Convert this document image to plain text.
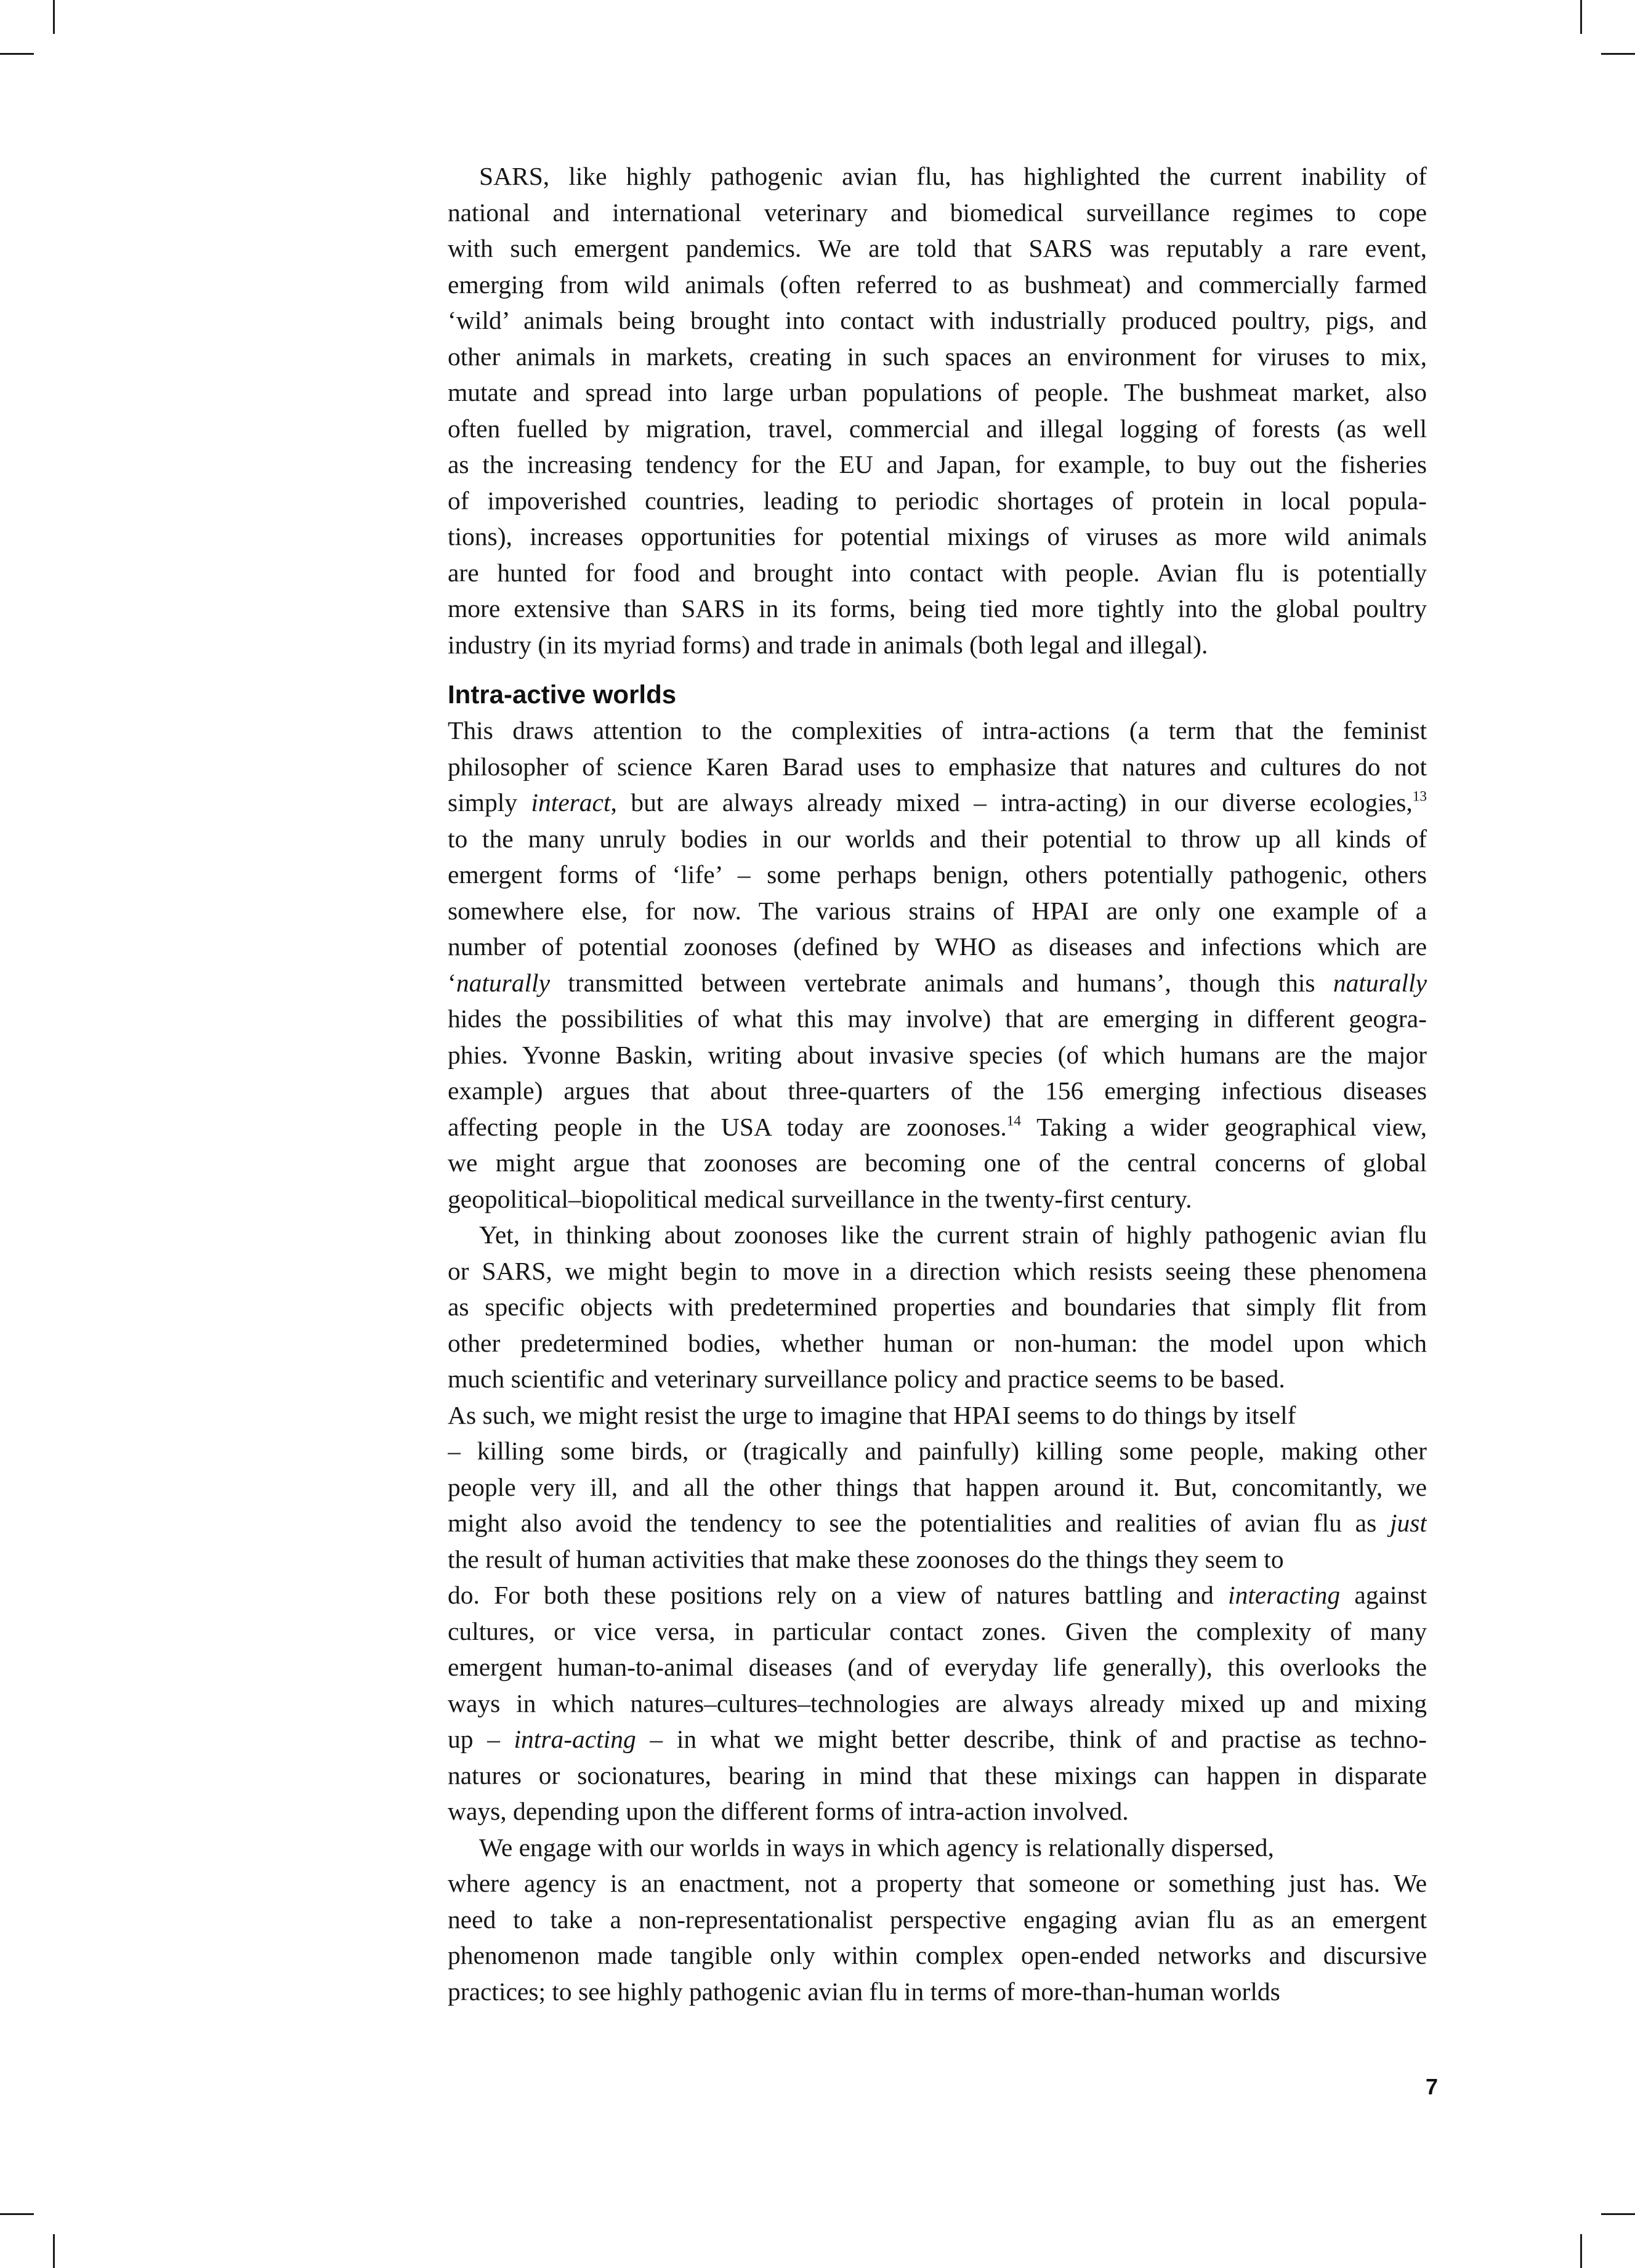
SARS, like highly pathogenic avian flu, has highlighted the current inability of
national and international veterinary and biomedical surveillance regimes to cope
with such emergent pandemics. We are told that SARS was reputably a rare event,
emerging from wild animals (often referred to as bushmeat) and commercially farmed
‘wild’ animals being brought into contact with industrially produced poultry, pigs, and
other animals in markets, creating in such spaces an environment for viruses to mix,
mutate and spread into large urban populations of people. The bushmeat market, also
often fuelled by migration, travel, commercial and illegal logging of forests (as well
as the increasing tendency for the EU and Japan, for example, to buy out the fisheries
of impoverished countries, leading to periodic shortages of protein in local popula-
tions), increases opportunities for potential mixings of viruses as more wild animals
are hunted for food and brought into contact with people. Avian flu is potentially
more extensive than SARS in its forms, being tied more tightly into the global poultry
industry (in its myriad forms) and trade in animals (both legal and illegal).
Intra-active worlds
This draws attention to the complexities of intra-actions (a term that the feminist
philosopher of science Karen Barad uses to emphasize that natures and cultures do not
simply interact, but are always already mixed – intra-acting) in our diverse ecologies,$^{13}$
to the many unruly bodies in our worlds and their potential to throw up all kinds of
emergent forms of ‘life’ – some perhaps benign, others potentially pathogenic, others
somewhere else, for now. The various strains of HPAI are only one example of a
number of potential zoonoses (defined by WHO as diseases and infections which are
‘naturally transmitted between vertebrate animals and humans’, though this naturally
hides the possibilities of what this may involve) that are emerging in different geogra-
phies. Yvonne Baskin, writing about invasive species (of which humans are the major
example) argues that about three-quarters of the 156 emerging infectious diseases
affecting people in the USA today are zoonoses.$^{14}$ Taking a wider geographical view,
we might argue that zoonoses are becoming one of the central concerns of global
geopolitical–biopolitical medical surveillance in the twenty-first century.
Yet, in thinking about zoonoses like the current strain of highly pathogenic avian flu
or SARS, we might begin to move in a direction which resists seeing these phenomena
as specific objects with predetermined properties and boundaries that simply flit from
other predetermined bodies, whether human or non-human: the model upon which
much scientific and veterinary surveillance policy and practice seems to be based.
As such, we might resist the urge to imagine that HPAI seems to do things by itself
– killing some birds, or (tragically and painfully) killing some people, making other
people very ill, and all the other things that happen around it. But, concomitantly, we
might also avoid the tendency to see the potentialities and realities of avian flu as just
the result of human activities that make these zoonoses do the things they seem to
do. For both these positions rely on a view of natures battling and interacting against
cultures, or vice versa, in particular contact zones. Given the complexity of many
emergent human-to-animal diseases (and of everyday life generally), this overlooks the
ways in which natures–cultures–technologies are always already mixed up and mixing
up – intra-acting – in what we might better describe, think of and practise as techno-
natures or socionatures, bearing in mind that these mixings can happen in disparate
ways, depending upon the different forms of intra-action involved.
We engage with our worlds in ways in which agency is relationally dispersed,
where agency is an enactment, not a property that someone or something just has. We
need to take a non-representationalist perspective engaging avian flu as an emergent
phenomenon made tangible only within complex open-ended networks and discursive
practices; to see highly pathogenic avian flu in terms of more-than-human worlds
7
